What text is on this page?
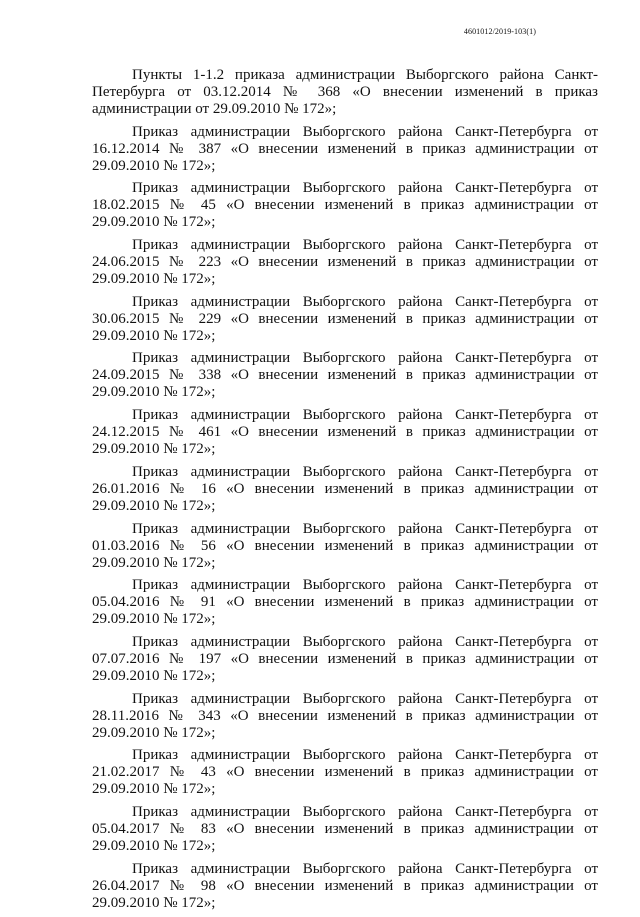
4601012/2019-103(1)

Пункты 1-1.2 приказа администрации Выборгского района Санкт-Петербурга от 03.12.2014 № 368 «О внесении изменений в приказ администрации от 29.09.2010 № 172»;

Приказ администрации Выборгского района Санкт-Петербурга от 16.12.2014 № 387 «О внесении изменений в приказ администрации от 29.09.2010 № 172»;

Приказ администрации Выборгского района Санкт-Петербурга от 18.02.2015 № 45 «О внесении изменений в приказ администрации от 29.09.2010 № 172»;

Приказ администрации Выборгского района Санкт-Петербурга от 24.06.2015 № 223 «О внесении изменений в приказ администрации от 29.09.2010 № 172»;

Приказ администрации Выборгского района Санкт-Петербурга от 30.06.2015 № 229 «О внесении изменений в приказ администрации от 29.09.2010 № 172»;

Приказ администрации Выборгского района Санкт-Петербурга от 24.09.2015 № 338 «О внесении изменений в приказ администрации от 29.09.2010 № 172»;

Приказ администрации Выборгского района Санкт-Петербурга от 24.12.2015 № 461 «О внесении изменений в приказ администрации от 29.09.2010 № 172»;

Приказ администрации Выборгского района Санкт-Петербурга от 26.01.2016 № 16 «О внесении изменений в приказ администрации от 29.09.2010 № 172»;

Приказ администрации Выборгского района Санкт-Петербурга от 01.03.2016 № 56 «О внесении изменений в приказ администрации от 29.09.2010 № 172»;

Приказ администрации Выборгского района Санкт-Петербурга от 05.04.2016 № 91 «О внесении изменений в приказ администрации от 29.09.2010 № 172»;

Приказ администрации Выборгского района Санкт-Петербурга от 07.07.2016 № 197 «О внесении изменений в приказ администрации от 29.09.2010 № 172»;

Приказ администрации Выборгского района Санкт-Петербурга от 28.11.2016 № 343 «О внесении изменений в приказ администрации от 29.09.2010 № 172»;

Приказ администрации Выборгского района Санкт-Петербурга от 21.02.2017 № 43 «О внесении изменений в приказ администрации от 29.09.2010 № 172»;

Приказ администрации Выборгского района Санкт-Петербурга от 05.04.2017 № 83 «О внесении изменений в приказ администрации от 29.09.2010 № 172»;

Приказ администрации Выборгского района Санкт-Петербурга от 26.04.2017 № 98 «О внесении изменений в приказ администрации от 29.09.2010 № 172»;
